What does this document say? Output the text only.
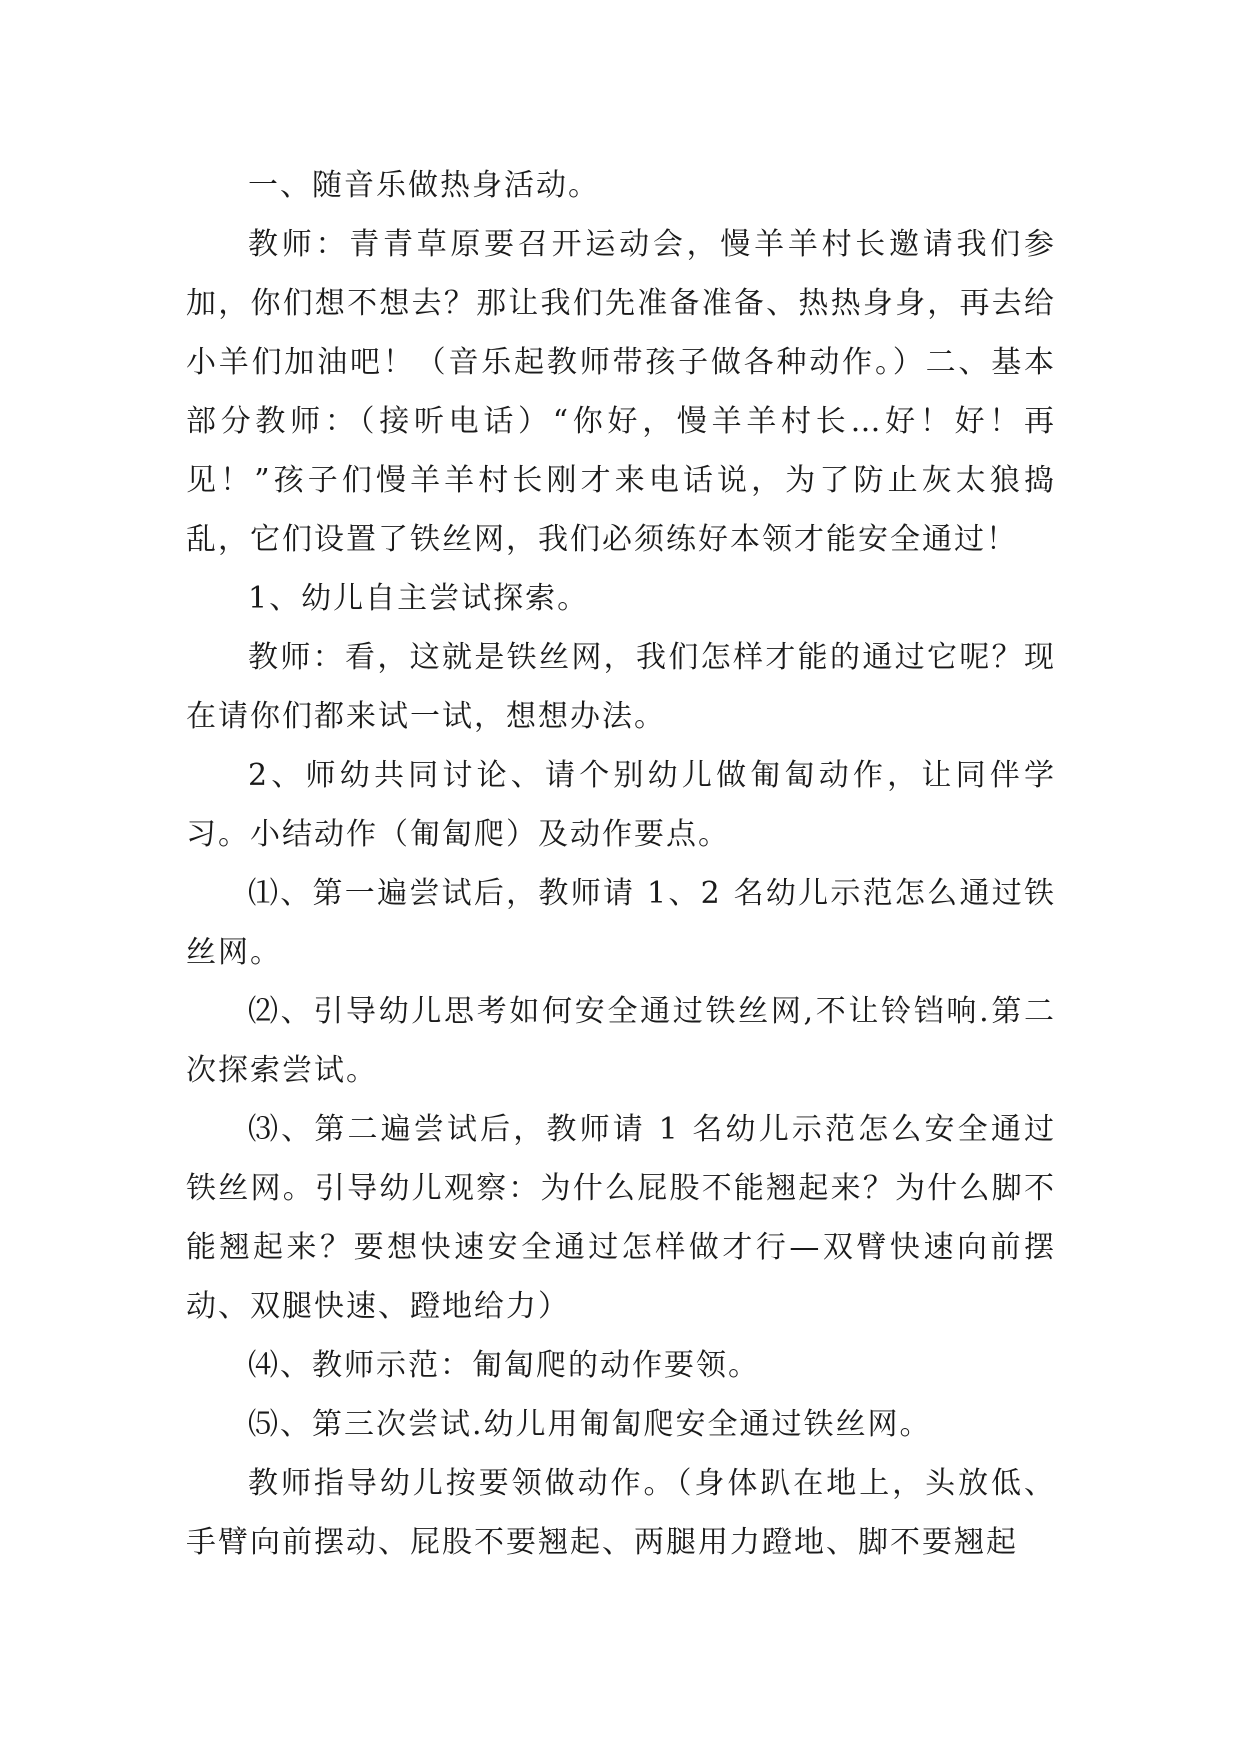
一、随音乐做热身活动。

教师：青青草原要召开运动会，慢羊羊村长邀请我们参加，你们想不想去？那让我们先准备准备、热热身身，再去给小羊们加油吧！（音乐起教师带孩子做各种动作。）二、基本部分教师：（接听电话）“你好，慢羊羊村长…好！好！再见！”孩子们慢羊羊村长刚才来电话说，为了防止灰太狼捣乱，它们设置了铁丝网，我们必须练好本领才能安全通过！

1、幼儿自主尝试探索。

教师：看，这就是铁丝网，我们怎样才能的通过它呢？现在请你们都来试一试，想想办法。

2、师幼共同讨论、请个别幼儿做匍匐动作，让同伴学习。小结动作（匍匐爬）及动作要点。

⑴、第一遍尝试后，教师请 1、2 名幼儿示范怎么通过铁丝网。

⑵、引导幼儿思考如何安全通过铁丝网,不让铃铛响.第二次探索尝试。

⑶、第二遍尝试后，教师请 1 名幼儿示范怎么安全通过铁丝网。引导幼儿观察：为什么屁股不能翘起来？为什么脚不能翘起来？要想快速安全通过怎样做才行—双臂快速向前摆动、双腿快速、蹬地给力）

⑷、教师示范：匍匐爬的动作要领。

⑸、第三次尝试.幼儿用匍匐爬安全通过铁丝网。

教师指导幼儿按要领做动作。（身体趴在地上，头放低、手臂向前摆动、屁股不要翘起、两腿用力蹬地、脚不要翘起
